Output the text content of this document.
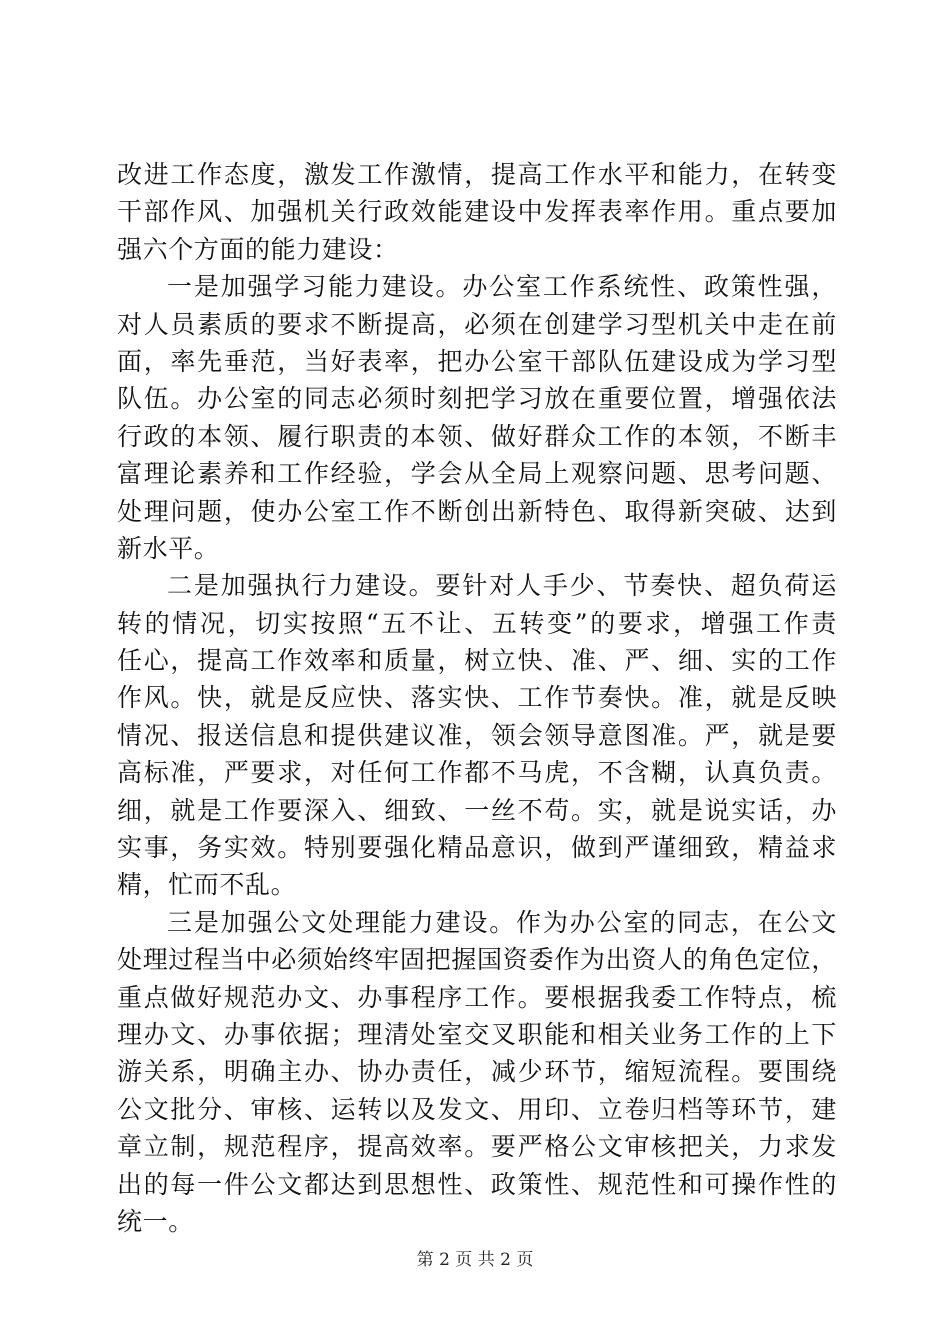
改进工作态度，激发工作激情，提高工作水平和能力，在转变
干部作风、加强机关行政效能建设中发挥表率作用。重点要加
强六个方面的能力建设：
一是加强学习能力建设。办公室工作系统性、政策性强，
对人员素质的要求不断提高，必须在创建学习型机关中走在前
面，率先垂范，当好表率，把办公室干部队伍建设成为学习型
队伍。办公室的同志必须时刻把学习放在重要位置，增强依法
行政的本领、履行职责的本领、做好群众工作的本领，不断丰
富理论素养和工作经验，学会从全局上观察问题、思考问题、
处理问题，使办公室工作不断创出新特色、取得新突破、达到
新水平。
二是加强执行力建设。要针对人手少、节奏快、超负荷运
转的情况，切实按照“五不让、五转变”的要求，增强工作责
任心，提高工作效率和质量，树立快、准、严、细、实的工作
作风。快，就是反应快、落实快、工作节奏快。准，就是反映
情况、报送信息和提供建议准，领会领导意图准。严，就是要
高标准，严要求，对任何工作都不马虎，不含糊，认真负责。
细，就是工作要深入、细致、一丝不苟。实，就是说实话，办
实事，务实效。特别要强化精品意识，做到严谨细致，精益求
精，忙而不乱。
三是加强公文处理能力建设。作为办公室的同志，在公文
处理过程当中必须始终牢固把握国资委作为出资人的角色定位，
重点做好规范办文、办事程序工作。要根据我委工作特点，梳
理办文、办事依据；理清处室交叉职能和相关业务工作的上下
游关系，明确主办、协办责任，减少环节，缩短流程。要围绕
公文批分、审核、运转以及发文、用印、立卷归档等环节，建
章立制，规范程序，提高效率。要严格公文审核把关，力求发
出的每一件公文都达到思想性、政策性、规范性和可操作性的
统一。
第 2 页 共 2 页
